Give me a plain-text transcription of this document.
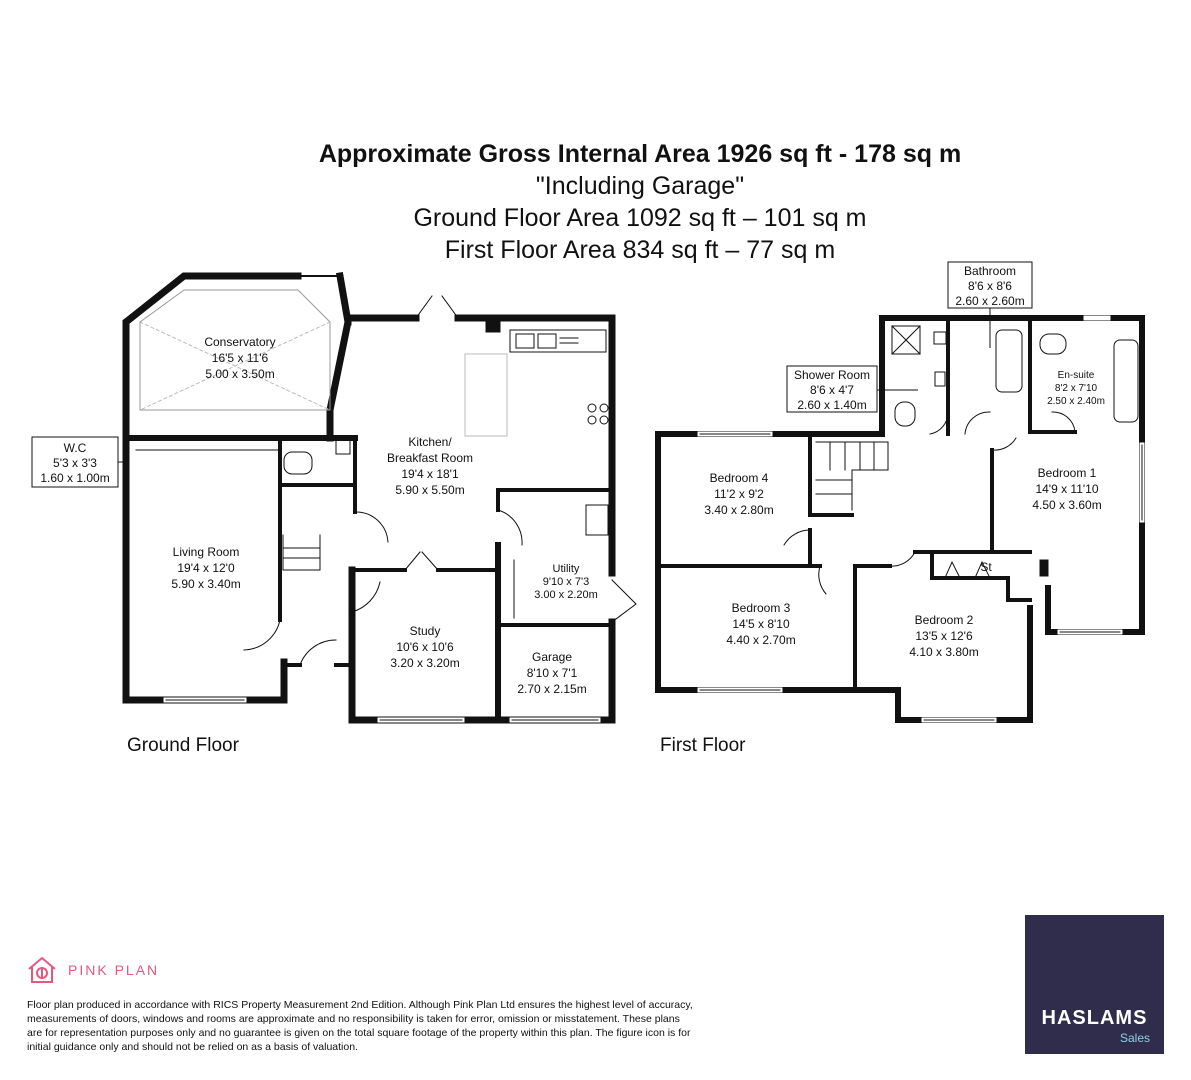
Approximate Gross Internal Area 1926 sq ft - 178 sq m
"Including Garage"
Ground Floor Area 1092 sq ft – 101 sq m
First Floor Area 834 sq ft – 77 sq m
Conservatory
16'5 x 11'6
5.00 x 3.50m
W.C
5'3 x 3'3
1.60 x 1.00m
Kitchen/
Breakfast Room
19'4 x 18'1
5.90 x 5.50m
Living Room
19'4 x 12'0
5.90 x 3.40m
Utility
9'10 x 7'3
3.00 x 2.20m
Study
10'6 x 10'6
3.20 x 3.20m	Garage
8'10 x 7'1
2.70 x 2.15m
Bathroom
8'6 x 8'6
2.60 x 2.60m
Shower Room
8'6 x 4'7
2.60 x 1.40m
En-suite
8'2 x 7'10
2.50 x 2.40m
Bedroom 4
11'2 x 9'2
3.40 x 2.80m
Bedroom 1
14'9 x 11'10
4.50 x 3.60m
St
Bedroom 3
14'5 x 8'10
4.40 x 2.70m
Bedroom 2
13'5 x 12'6
4.10 x 3.80m
Ground Floor	First Floor
PINK PLAN
Floor plan produced in accordance with RICS Property Measurement 2nd Edition. Although Pink Plan Ltd ensures the highest level of accuracy, measurements of doors, windows and rooms are approximate and no responsibility is taken for error, omission or misstatement. These plans are for representation purposes only and no guarantee is given on the total square footage of the property within this plan. The figure icon is for initial guidance only and should not be relied on as a basis of valuation.
HASLAMS
Sales
